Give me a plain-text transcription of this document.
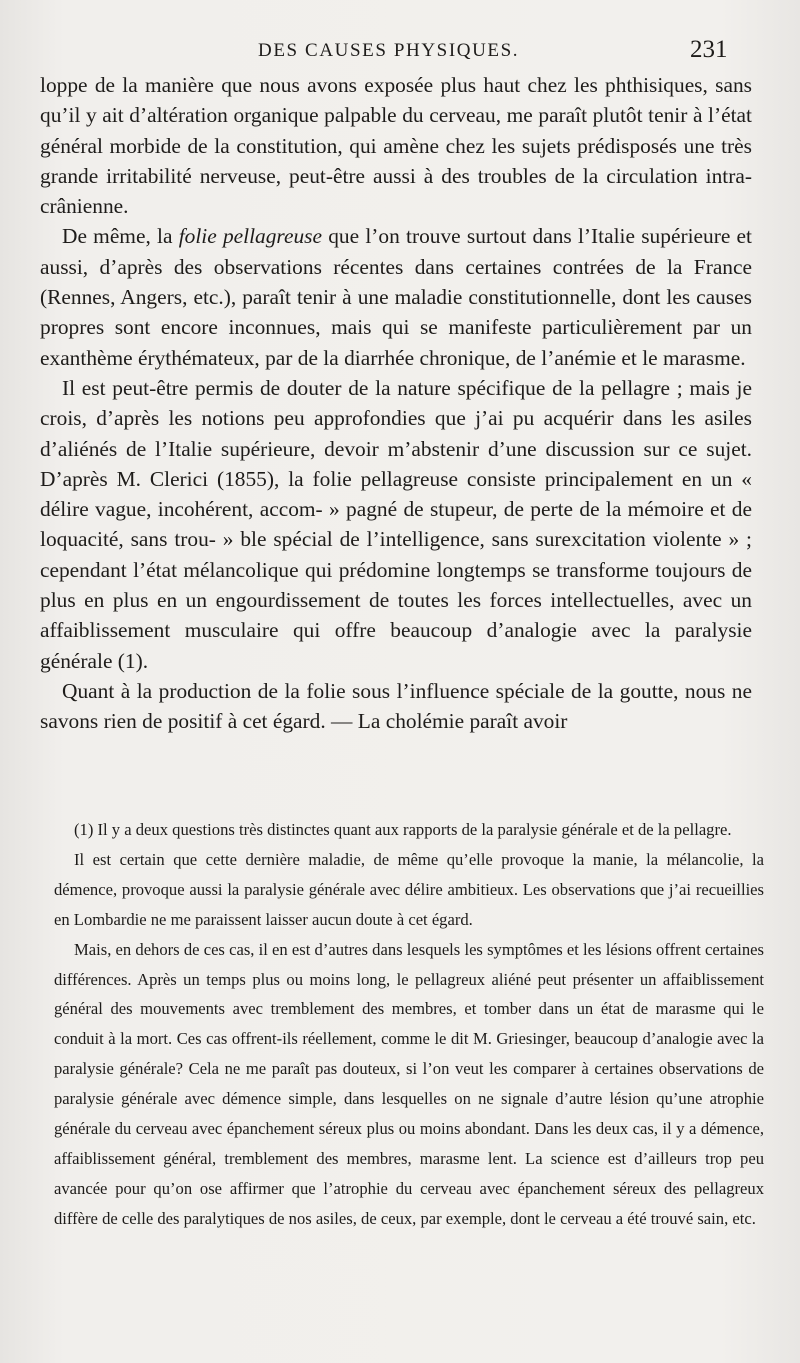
DES CAUSES PHYSIQUES.	231

loppe de la manière que nous avons exposée plus haut chez les phthisiques, sans qu’il y ait d’altération organique palpable du cerveau, me paraît plutôt tenir à l’état général morbide de la constitution, qui amène chez les sujets prédisposés une très grande irritabilité nerveuse, peut-être aussi à des troubles de la circulation intra-crânienne.

De même, la folie pellagreuse que l’on trouve surtout dans l’Italie supérieure et aussi, d’après des observations récentes dans certaines contrées de la France (Rennes, Angers, etc.), paraît tenir à une maladie constitutionnelle, dont les causes propres sont encore inconnues, mais qui se manifeste particulièrement par un exanthème érythémateux, par de la diarrhée chronique, de l’anémie et le marasme.

Il est peut-être permis de douter de la nature spécifique de la pellagre ; mais je crois, d’après les notions peu approfondies que j’ai pu acquérir dans les asiles d’aliénés de l’Italie supérieure, devoir m’abstenir d’une discussion sur ce sujet. D’après M. Clerici (1855), la folie pellagreuse consiste principalement en un « délire vague, incohérent, accom- » pagné de stupeur, de perte de la mémoire et de loquacité, sans trou- » ble spécial de l’intelligence, sans surexcitation violente » ; cependant l’état mélancolique qui prédomine longtemps se transforme toujours de plus en plus en un engourdissement de toutes les forces intellectuelles, avec un affaiblissement musculaire qui offre beaucoup d’analogie avec la paralysie générale (1).

Quant à la production de la folie sous l’influence spéciale de la goutte, nous ne savons rien de positif à cet égard. — La cholémie paraît avoir

(1) Il y a deux questions très distinctes quant aux rapports de la paralysie générale et de la pellagre.

Il est certain que cette dernière maladie, de même qu’elle provoque la manie, la mélancolie, la démence, provoque aussi la paralysie générale avec délire ambitieux. Les observations que j’ai recueillies en Lombardie ne me paraissent laisser aucun doute à cet égard.

Mais, en dehors de ces cas, il en est d’autres dans lesquels les symptômes et les lésions offrent certaines différences. Après un temps plus ou moins long, le pellagreux aliéné peut présenter un affaiblissement général des mouvements avec tremblement des membres, et tomber dans un état de marasme qui le conduit à la mort. Ces cas offrent-ils réellement, comme le dit M. Griesinger, beaucoup d’analogie avec la paralysie générale? Cela ne me paraît pas douteux, si l’on veut les comparer à certaines observations de paralysie générale avec démence simple, dans lesquelles on ne signale d’autre lésion qu’une atrophie générale du cerveau avec épanchement séreux plus ou moins abondant. Dans les deux cas, il y a démence, affaiblissement général, tremblement des membres, marasme lent. La science est d’ailleurs trop peu avancée pour qu’on ose affirmer que l’atrophie du cerveau avec épanchement séreux des pellagreux diffère de celle des paralytiques de nos asiles, de ceux, par exemple, dont le cerveau a été trouvé sain, etc.
